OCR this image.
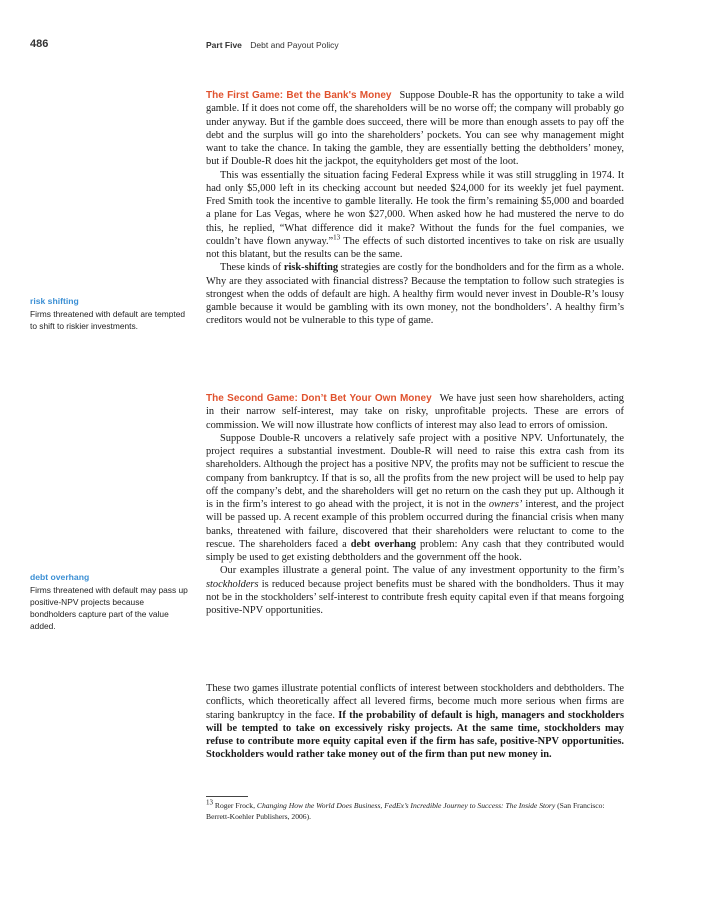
486	Part Five Debt and Payout Policy

The First Game: Bet the Bank's Money Suppose Double-R has the opportunity to take a wild gamble. If it does not come off, the shareholders will be no worse off; the company will probably go under anyway. But if the gamble does succeed, there will be more than enough assets to pay off the debt and the surplus will go into the shareholders’ pockets. You can see why management might want to take the chance. In taking the gamble, they are essentially betting the debtholders’ money, but if Double-R does hit the jackpot, the equityholders get most of the loot.

This was essentially the situation facing Federal Express while it was still struggling in 1974. It had only $5,000 left in its checking account but needed $24,000 for its weekly jet fuel payment. Fred Smith took the incentive to gamble literally. He took the firm’s remaining $5,000 and boarded a plane for Las Vegas, where he won $27,000. When asked how he had mustered the nerve to do this, he replied, “What difference did it make? Without the funds for the fuel companies, we couldn’t have flown anyway.”$^{13}$ The effects of such distorted incentives to take on risk are usually not this blatant, but the results can be the same.

These kinds of risk-shifting strategies are costly for the bondholders and for the firm as a whole. Why are they associated with financial distress? Because the temptation to follow such strategies is strongest when the odds of default are high. A healthy firm would never invest in Double-R’s lousy gamble because it would be gambling with its own money, not the bondholders’. A healthy firm’s creditors would not be vulnerable to this type of game.

The Second Game: Don’t Bet Your Own Money We have just seen how shareholders, acting in their narrow self-interest, may take on risky, unprofitable projects. These are errors of commission. We will now illustrate how conflicts of interest may also lead to errors of omission.

Suppose Double-R uncovers a relatively safe project with a positive NPV. Unfortunately, the project requires a substantial investment. Double-R will need to raise this extra cash from its shareholders. Although the project has a positive NPV, the profits may not be sufficient to rescue the company from bankruptcy. If that is so, all the profits from the new project will be used to help pay off the company’s debt, and the shareholders will get no return on the cash they put up. Although it is in the firm’s interest to go ahead with the project, it is not in the owners’ interest, and the project will be passed up. A recent example of this problem occurred during the financial crisis when many banks, threatened with failure, discovered that their shareholders were reluctant to come to the rescue. The shareholders faced a debt overhang problem: Any cash that they contributed would simply be used to get existing debtholders and the government off the hook.

Our examples illustrate a general point. The value of any investment opportunity to the firm’s stockholders is reduced because project benefits must be shared with the bondholders. Thus it may not be in the stockholders’ self-interest to contribute fresh equity capital even if that means forgoing positive-NPV opportunities.

These two games illustrate potential conflicts of interest between stockholders and debtholders. The conflicts, which theoretically affect all levered firms, become much more serious when firms are staring bankruptcy in the face. If the probability of default is high, managers and stockholders will be tempted to take on excessively risky projects. At the same time, stockholders may refuse to contribute more equity capital even if the firm has safe, positive-NPV opportunities. Stockholders would rather take money out of the firm than put new money in.

risk shifting
Firms threatened with default are tempted to shift to riskier investments.
debt overhang
Firms threatened with default may pass up positive-NPV projects because bondholders capture part of the value added.
$^{13}$ Roger Frock, Changing How the World Does Business, FedEx’s Incredible Journey to Success: The Inside Story (San Francisco: Berrett-Koehler Publishers, 2006).
